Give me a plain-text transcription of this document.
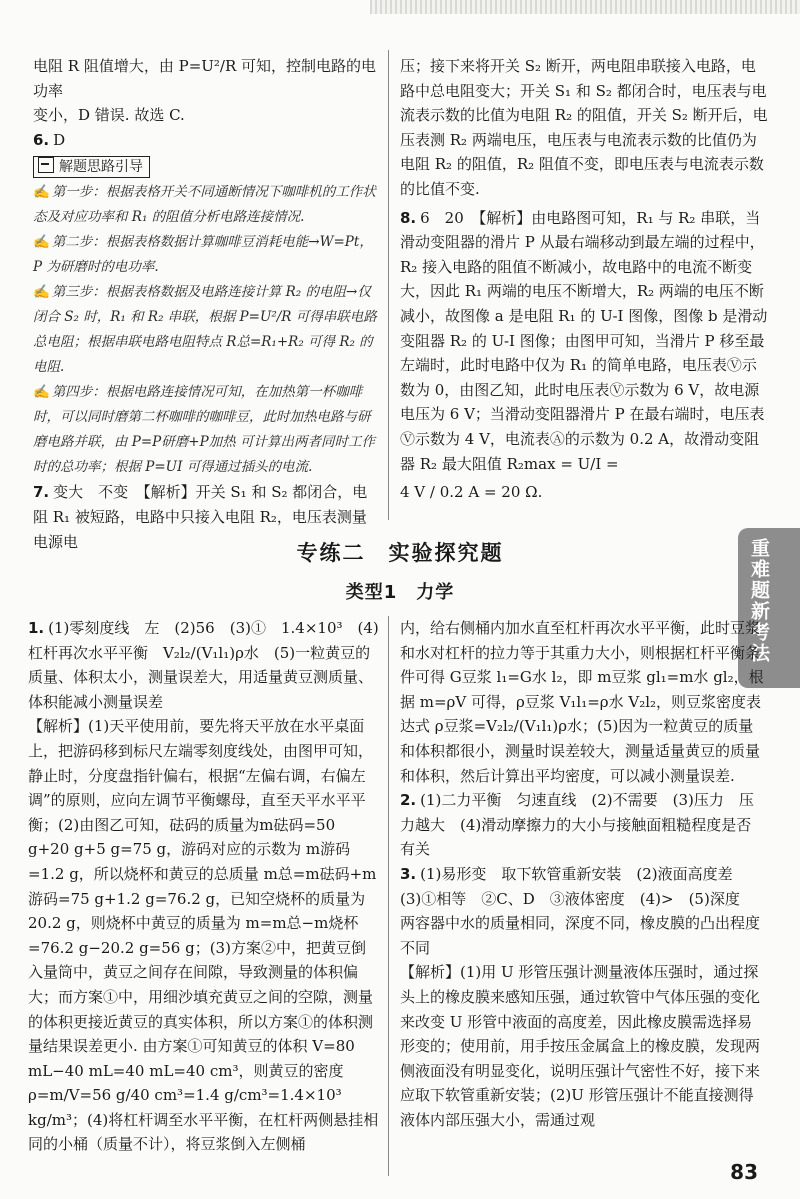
电阻 R 阻值增大，由 P=U²/R 可知，控制电路的电功率

变小，D 错误. 故选 C.

6. D

解题思路引导

✍ 第一步：根据表格开关不同通断情况下咖啡机的工作状态及对应功率和 R₁ 的阻值分析电路连接情况.

✍ 第二步：根据表格数据计算咖啡豆消耗电能→W=Pt，P 为研磨时的电功率.

✍ 第三步：根据表格数据及电路连接计算 R₂ 的电阻→仅闭合 S₂ 时，R₁ 和 R₂ 串联，根据 P=U²/R 可得串联电路总电阻；根据串联电路电阻特点 R总=R₁+R₂ 可得 R₂ 的电阻.

✍ 第四步：根据电路连接情况可知，在加热第一杯咖啡时，可以同时磨第二杯咖啡的咖啡豆，此时加热电路与研磨电路并联，由 P=P研磨+P加热 可计算出两者同时工作时的总功率；根据 P=UI 可得通过插头的电流.

7. 变大　不变　【解析】开关 S₁ 和 S₂ 都闭合，电阻 R₁ 被短路，电路中只接入电阻 R₂，电压表测量电源电

压；接下来将开关 S₂ 断开，两电阻串联接入电路，电路中总电阻变大；开关 S₁ 和 S₂ 都闭合时，电压表与电流表示数的比值为电阻 R₂ 的阻值，开关 S₂ 断开后，电压表测 R₂ 两端电压，电压表与电流表示数的比值仍为电阻 R₂ 的阻值，R₂ 阻值不变，即电压表与电流表示数的比值不变.

8. 6　20　【解析】由电路图可知，R₁ 与 R₂ 串联，当滑动变阻器的滑片 P 从最右端移动到最左端的过程中，R₂ 接入电路的阻值不断减小，故电路中的电流不断变大，因此 R₁ 两端的电压不断增大，R₂ 两端的电压不断减小，故图像 a 是电阻 R₁ 的 U-I 图像，图像 b 是滑动变阻器 R₂ 的 U-I 图像；由图甲可知，当滑片 P 移至最左端时，此时电路中仅为 R₁ 的简单电路，电压表Ⓥ示数为 0，由图乙知，此时电压表Ⓥ示数为 6 V，故电源电压为 6 V；当滑动变阻器滑片 P 在最右端时，电压表Ⓥ示数为 4 V，电流表Ⓐ的示数为 0.2 A，故滑动变阻器 R₂ 最大阻值 R₂max = U/I =

4 V / 0.2 A = 20 Ω.

专练二　实验探究题
类型1　力学	重难题新考法

1. (1)零刻度线　左　(2)56　(3)①　1.4×10³　(4)杠杆再次水平平衡　V₂l₂/(V₁l₁)ρ水　(5)一粒黄豆的质量、体积太小，测量误差大，用适量黄豆测质量、体积能减小测量误差

【解析】(1)天平使用前，要先将天平放在水平桌面上，把游码移到标尺左端零刻度线处，由图甲可知，静止时，分度盘指针偏右，根据“左偏右调，右偏左调”的原则，应向左调节平衡螺母，直至天平水平平衡；(2)由图乙可知，砝码的质量为m砝码=50 g+20 g+5 g=75 g，游码对应的示数为 m游码=1.2 g，所以烧杯和黄豆的总质量 m总=m砝码+m游码=75 g+1.2 g=76.2 g，已知空烧杯的质量为 20.2 g，则烧杯中黄豆的质量为 m=m总−m烧杯=76.2 g−20.2 g=56 g；(3)方案②中，把黄豆倒入量筒中，黄豆之间存在间隙，导致测量的体积偏大；而方案①中，用细沙填充黄豆之间的空隙，测量的体积更接近黄豆的真实体积，所以方案①的体积测量结果误差更小. 由方案①可知黄豆的体积 V=80 mL−40 mL=40 mL=40 cm³，则黄豆的密度 ρ=m/V=56 g/40 cm³=1.4 g/cm³=1.4×10³ kg/m³；(4)将杠杆调至水平平衡，在杠杆两侧悬挂相同的小桶（质量不计），将豆浆倒入左侧桶

内，给右侧桶内加水直至杠杆再次水平平衡，此时豆浆和水对杠杆的拉力等于其重力大小，则根据杠杆平衡条件可得 G豆浆 l₁=G水 l₂，即 m豆浆 gl₁=m水 gl₂，根据 m=ρV 可得，ρ豆浆 V₁l₁=ρ水 V₂l₂，则豆浆密度表达式 ρ豆浆=V₂l₂/(V₁l₁)ρ水；(5)因为一粒黄豆的质量和体积都很小，测量时误差较大，测量适量黄豆的质量和体积，然后计算出平均密度，可以减小测量误差.

2. (1)二力平衡　匀速直线　(2)不需要　(3)压力　压力越大　(4)滑动摩擦力的大小与接触面粗糙程度是否有关

3. (1)易形变　取下软管重新安装　(2)液面高度差　(3)①相等　②C、D　③液体密度　(4)>　(5)深度　两容器中水的质量相同，深度不同，橡皮膜的凸出程度不同

【解析】(1)用 U 形管压强计测量液体压强时，通过探头上的橡皮膜来感知压强，通过软管中气体压强的变化来改变 U 形管中液面的高度差，因此橡皮膜需选择易形变的；使用前，用手按压金属盒上的橡皮膜，发现两侧液面没有明显变化，说明压强计气密性不好，接下来应取下软管重新安装；(2)U 形管压强计不能直接测得液体内部压强大小，需通过观

83
